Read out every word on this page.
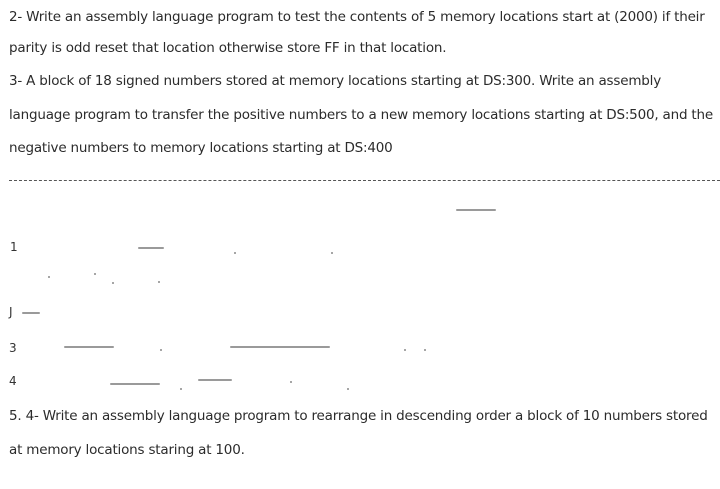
2- Write an assembly language program to test the contents of 5 memory locations start at (2000) if their
parity is odd reset that location otherwise store FF in that location.
3- A block of 18 signed numbers stored at memory locations starting at DS:300. Write an assembly
language program to transfer the positive numbers to a new memory locations starting at DS:500, and the
negative numbers to memory locations starting at DS:400
1
J
3
4
5. 4- Write an assembly language program to rearrange in descending order a block of 10 numbers stored
at memory locations staring at 100.
